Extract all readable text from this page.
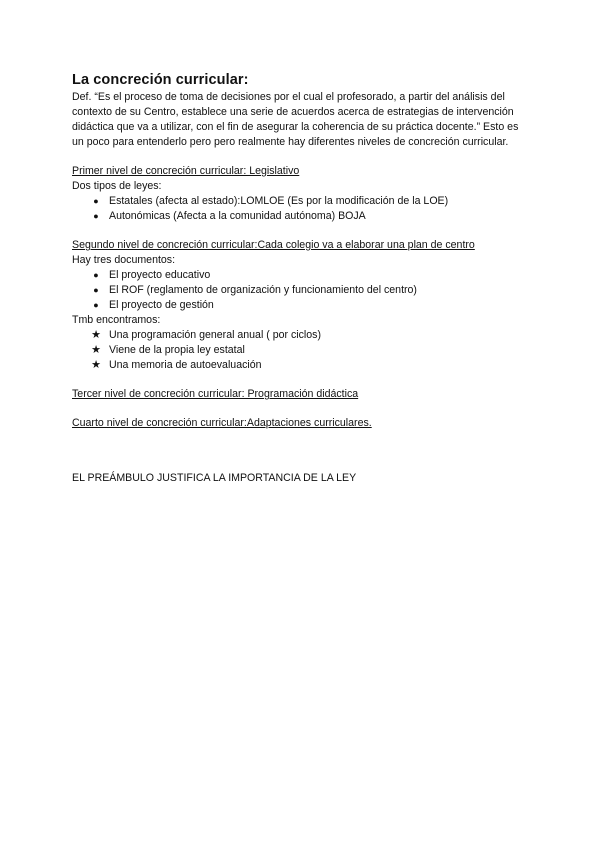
La concreción curricular:

Def. “Es el proceso de toma de decisiones por el cual el profesorado, a partir del análisis del contexto de su Centro, establece una serie de acuerdos acerca de estrategias de intervención didáctica que va a utilizar, con el fin de asegurar la coherencia de su práctica docente.” Esto es un poco para entenderlo pero pero realmente hay diferentes niveles de concreción curricular.

Primer nivel de concreción curricular: Legislativo

Dos tipos de leyes:

● Estatales (afecta al estado):LOMLOE (Es por la modificación de la LOE)
● Autonómicas (Afecta a la comunidad autónoma) BOJA

Segundo nivel de concreción curricular:Cada colegio va a elaborar una plan de centro

Hay tres documentos:

● El proyecto educativo
● El ROF (reglamento de organización y funcionamiento del centro)
● El proyecto de gestión

Tmb encontramos:

★ Una programación general anual ( por ciclos)
★ Viene de la propia ley estatal
★ Una memoria de autoevaluación

Tercer nivel de concreción curricular: Programación didáctica

Cuarto nivel de concreción curricular:Adaptaciones curriculares.

EL PREÁMBULO JUSTIFICA LA IMPORTANCIA DE LA LEY
